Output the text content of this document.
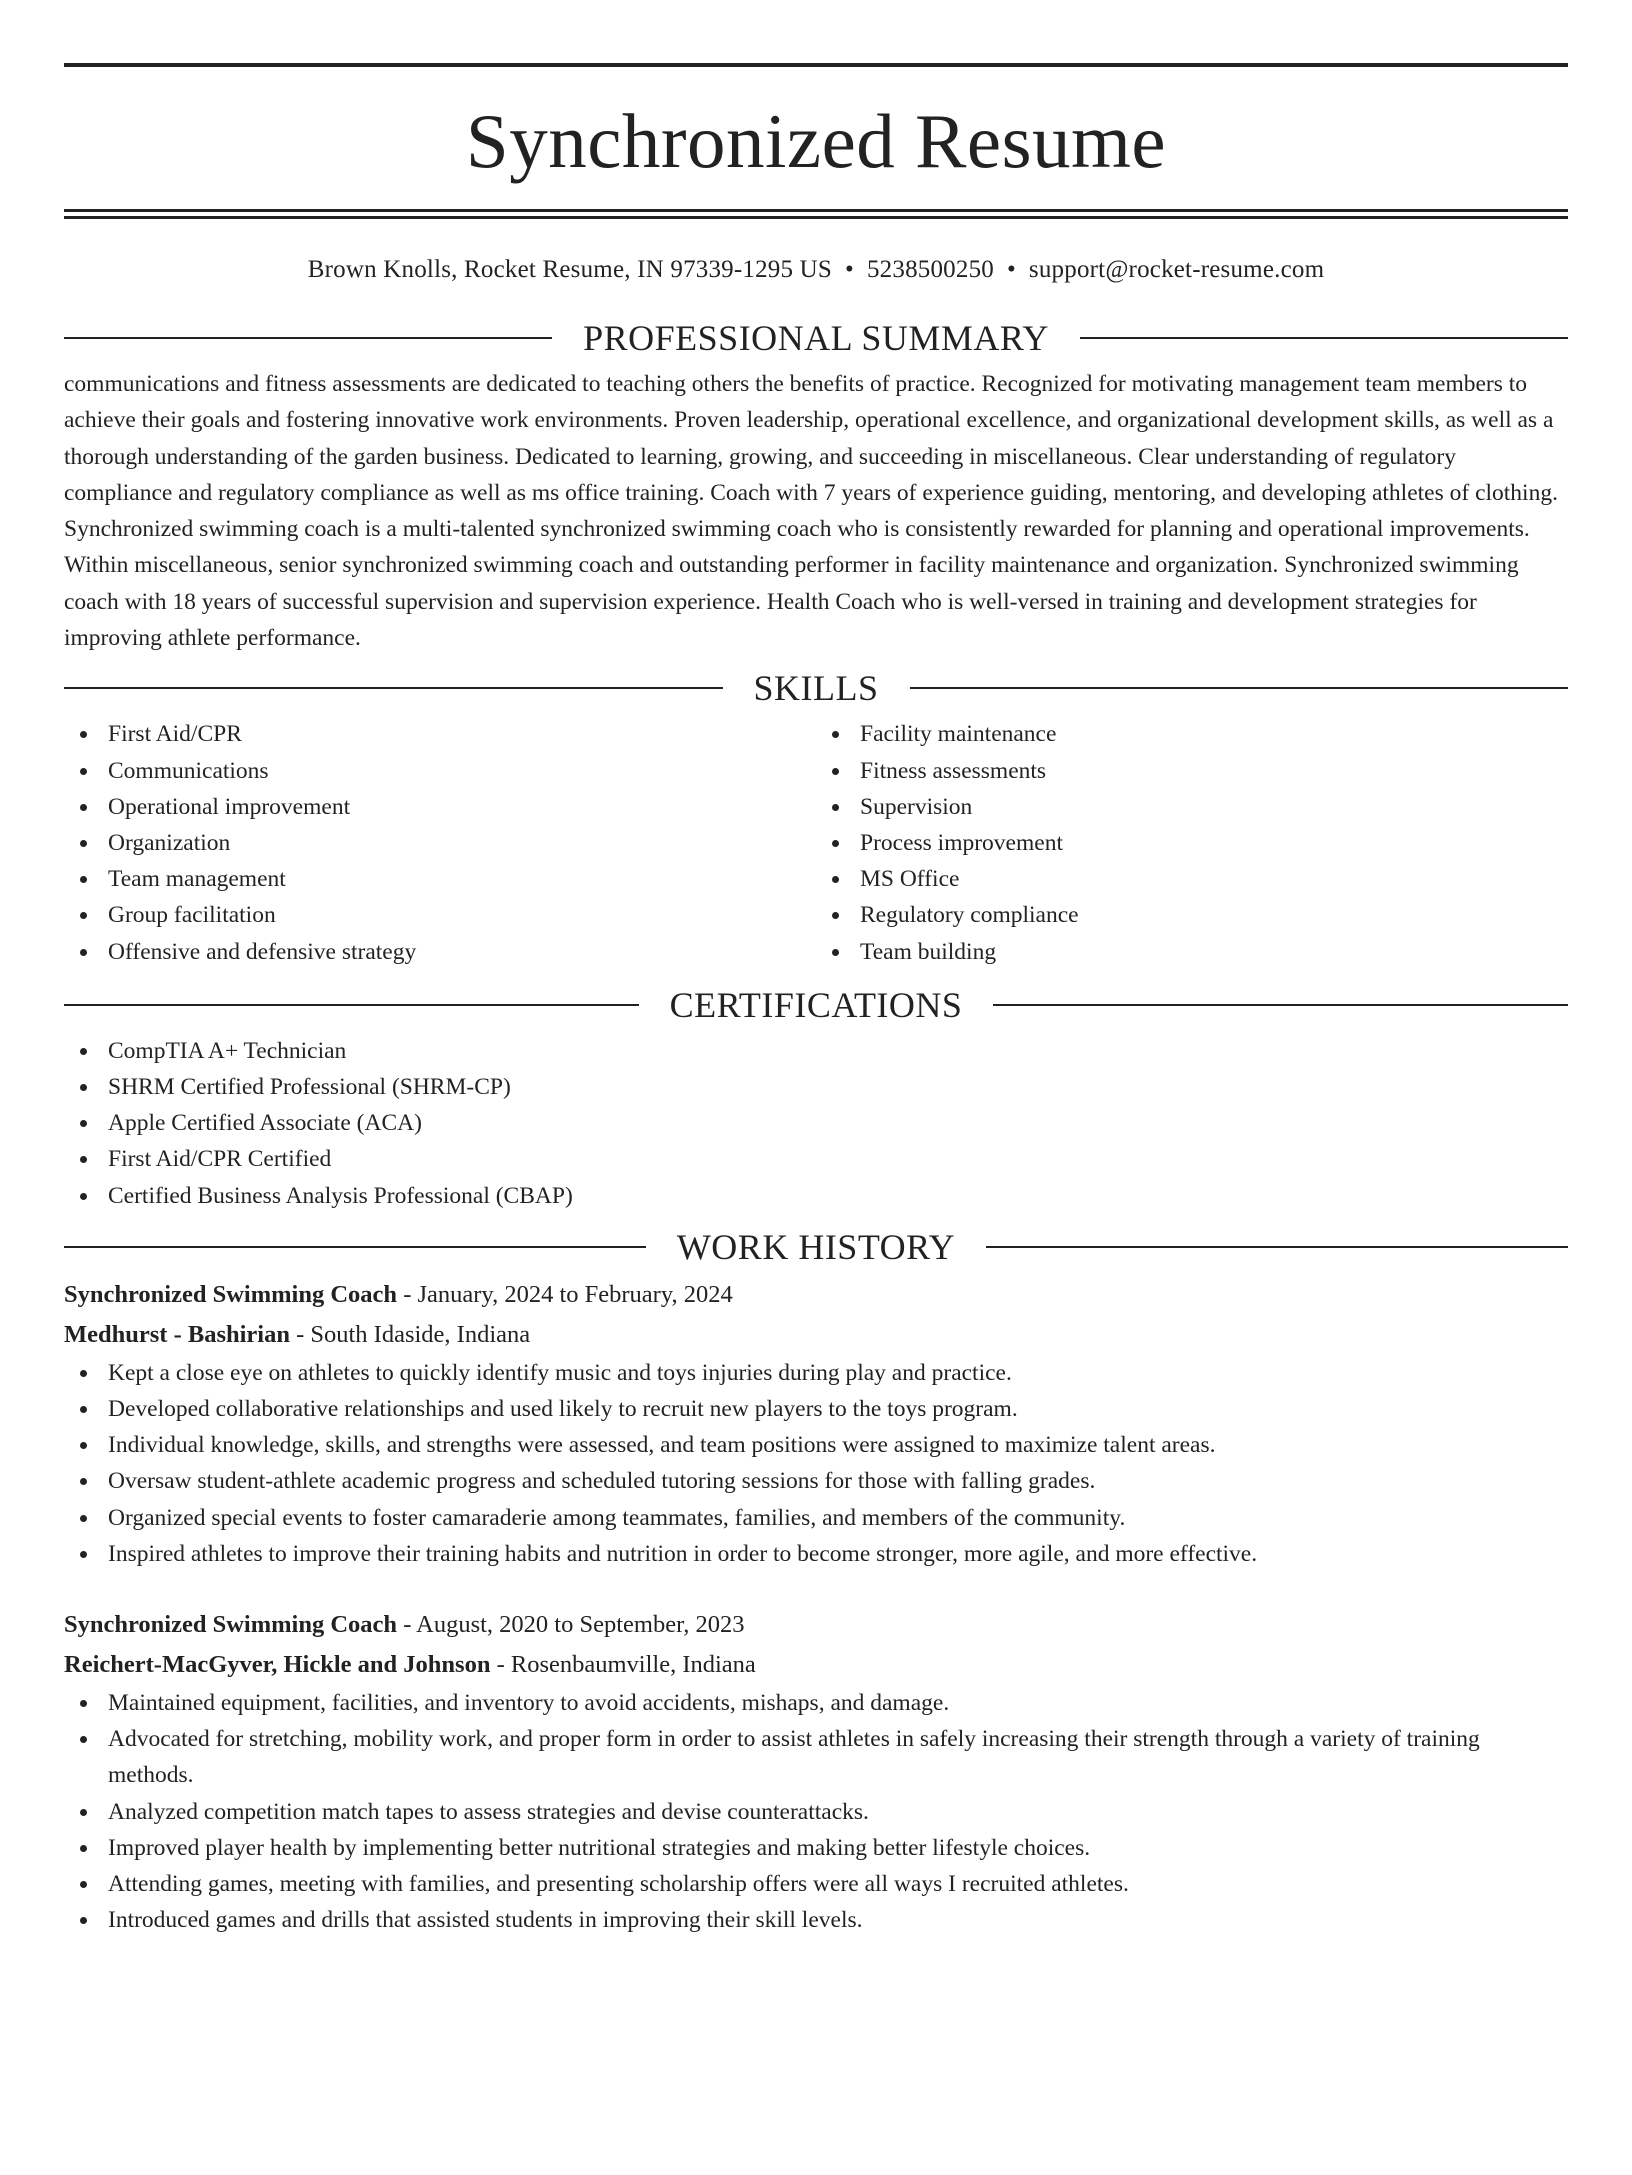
Synchronized Resume
Brown Knolls, Rocket Resume, IN 97339-1295 US • 5238500250 • support@rocket-resume.com
PROFESSIONAL SUMMARY

communications and fitness assessments are dedicated to teaching others the benefits of practice. Recognized for motivating management team members to achieve their goals and fostering innovative work environments. Proven leadership, operational excellence, and organizational development skills, as well as a thorough understanding of the garden business. Dedicated to learning, growing, and succeeding in miscellaneous. Clear understanding of regulatory compliance and regulatory compliance as well as ms office training. Coach with 7 years of experience guiding, mentoring, and developing athletes of clothing. Synchronized swimming coach is a multi-talented synchronized swimming coach who is consistently rewarded for planning and operational improvements. Within miscellaneous, senior synchronized swimming coach and outstanding performer in facility maintenance and organization. Synchronized swimming coach with 18 years of successful supervision and supervision experience. Health Coach who is well-versed in training and development strategies for improving athlete performance.

SKILLS
First Aid/CPR
Communications
Operational improvement
Organization
Team management
Group facilitation
Offensive and defensive strategy
Facility maintenance
Fitness assessments
Supervision
Process improvement
MS Office
Regulatory compliance
Team building
CERTIFICATIONS
CompTIA A+ Technician
SHRM Certified Professional (SHRM-CP)
Apple Certified Associate (ACA)
First Aid/CPR Certified
Certified Business Analysis Professional (CBAP)
WORK HISTORY
Synchronized Swimming Coach - January, 2024 to February, 2024
Medhurst - Bashirian - South Idaside, Indiana
Kept a close eye on athletes to quickly identify music and toys injuries during play and practice.
Developed collaborative relationships and used likely to recruit new players to the toys program.
Individual knowledge, skills, and strengths were assessed, and team positions were assigned to maximize talent areas.
Oversaw student-athlete academic progress and scheduled tutoring sessions for those with falling grades.
Organized special events to foster camaraderie among teammates, families, and members of the community.
Inspired athletes to improve their training habits and nutrition in order to become stronger, more agile, and more effective.
Synchronized Swimming Coach - August, 2020 to September, 2023
Reichert-MacGyver, Hickle and Johnson - Rosenbaumville, Indiana
Maintained equipment, facilities, and inventory to avoid accidents, mishaps, and damage.
Advocated for stretching, mobility work, and proper form in order to assist athletes in safely increasing their strength through a variety of training methods.
Analyzed competition match tapes to assess strategies and devise counterattacks.
Improved player health by implementing better nutritional strategies and making better lifestyle choices.
Attending games, meeting with families, and presenting scholarship offers were all ways I recruited athletes.
Introduced games and drills that assisted students in improving their skill levels.
